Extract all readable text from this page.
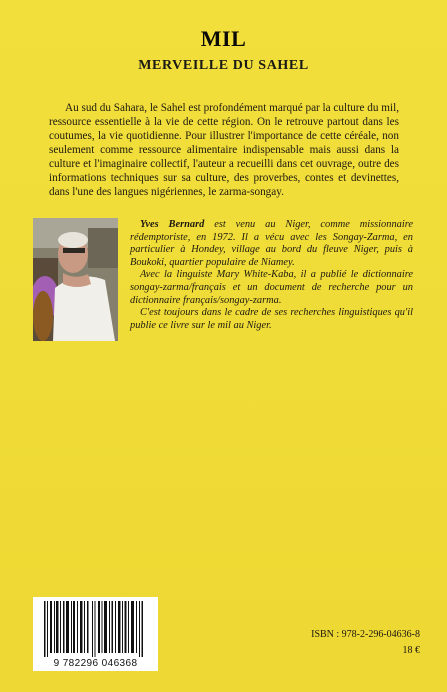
MIL
MERVEILLE DU SAHEL

Au sud du Sahara, le Sahel est profondément marqué par la culture du mil, ressource essentielle à la vie de cette région. On le retrouve partout dans les coutumes, la vie quotidienne. Pour illustrer l'importance de cette céréale, non seulement comme ressource alimentaire indispensable mais aussi dans la culture et l'imaginaire collectif, l'auteur a recueilli dans cet ouvrage, outre des informations techniques sur sa culture, des proverbes, contes et devinettes, dans l'une des langues nigériennes, le zarma-songay.

Yves Bernard est venu au Niger, comme missionnaire rédemptoriste, en 1972. Il a vécu avec les Songay-Zarma, en particulier à Hondey, village au bord du fleuve Niger, puis à Boukoki, quartier populaire de Niamey.

Avec la linguiste Mary White-Kaba, il a publié le dictionnaire songay-zarma/français et un document de recherche pour un dictionnaire français/songay-zarma.

C'est toujours dans le cadre de ses recherches linguistiques qu'il publie ce livre sur le mil au Niger.

9 782296 046368
ISBN : 978-2-296-04636-8
18 €
